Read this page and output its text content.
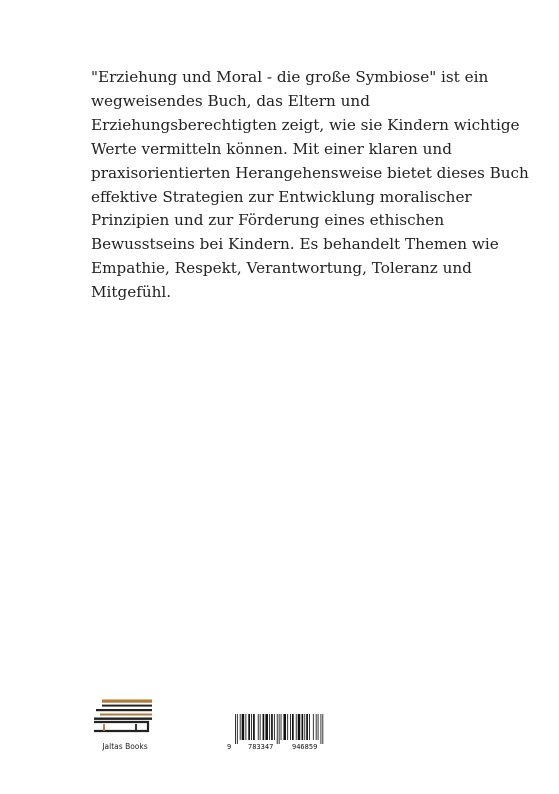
"Erziehung und Moral - die große Symbiose" ist ein
wegweisendes Buch, das Eltern und
Erziehungsberechtigten zeigt, wie sie Kindern wichtige
Werte vermitteln können. Mit einer klaren und
praxisorientierten Herangehensweise bietet dieses Buch
effektive Strategien zur Entwicklung moralischer
Prinzipien und zur Förderung eines ethischen
Bewusstseins bei Kindern. Es behandelt Themen wie
Empathie, Respekt, Verantwortung, Toleranz und
Mitgefühl.
Jaltas Books	9 783347	946859
